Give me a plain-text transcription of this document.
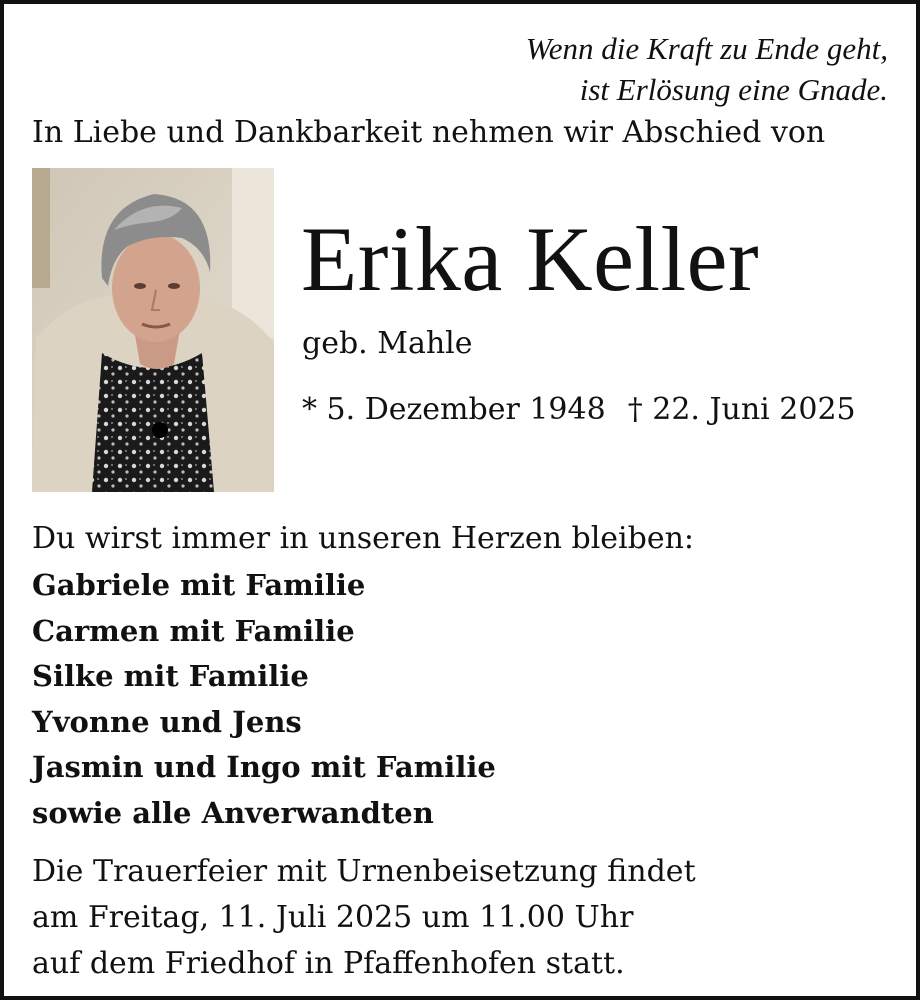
Wenn die Kraft zu Ende geht,
ist Erlösung eine Gnade.
In Liebe und Dankbarkeit nehmen wir Abschied von
Erika Keller
geb. Mahle
* 5. Dezember 1948 † 22. Juni 2025
Du wirst immer in unseren Herzen bleiben:
Gabriele mit Familie
Carmen mit Familie
Silke mit Familie
Yvonne und Jens
Jasmin und Ingo mit Familie
sowie alle Anverwandten
Die Trauerfeier mit Urnenbeisetzung findet
am Freitag, 11. Juli 2025 um 11.00 Uhr
auf dem Friedhof in Pfaffenhofen statt.
